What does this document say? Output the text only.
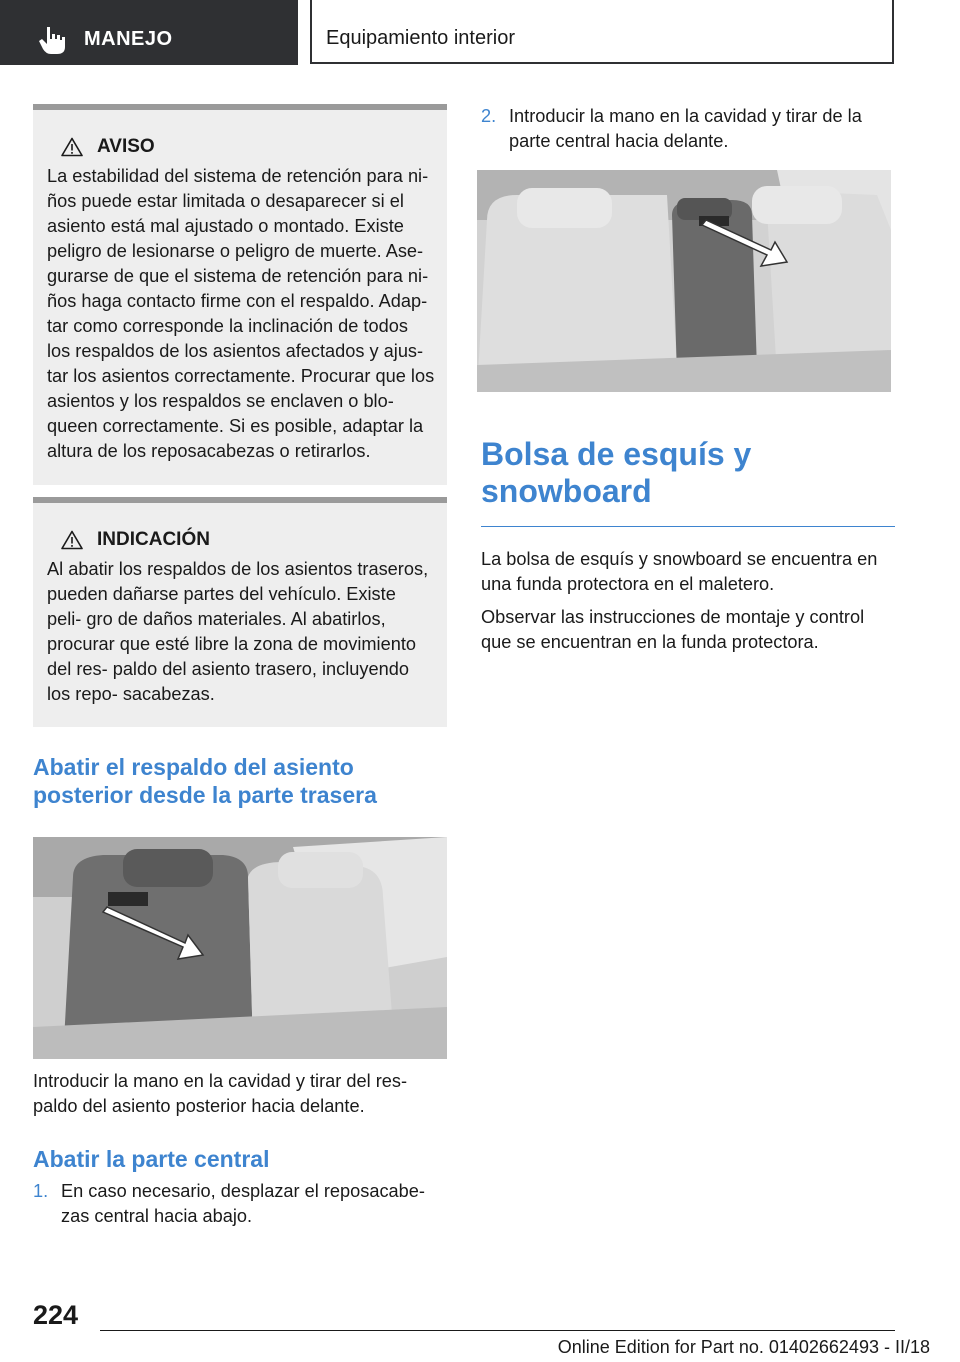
MANEJO	Equipamiento interior
AVISO
La estabilidad del sistema de retención para ni‐ ños puede estar limitada o desaparecer si el asiento está mal ajustado o montado. Existe peligro de lesionarse o peligro de muerte. Ase‐ gurarse de que el sistema de retención para ni‐ ños haga contacto firme con el respaldo. Adap‐ tar como corresponde la inclinación de todos los respaldos de los asientos afectados y ajus‐ tar los asientos correctamente. Procurar que los asientos y los respaldos se enclaven o blo‐ queen correctamente. Si es posible, adaptar la altura de los reposacabezas o retirarlos.
INDICACIÓN
Al abatir los respaldos de los asientos traseros, pueden dañarse partes del vehículo. Existe peli‐ gro de daños materiales. Al abatirlos, procurar que esté libre la zona de movimiento del res‐ paldo del asiento trasero, incluyendo los repo‐ sacabezas.
Abatir el respaldo del asiento posterior desde la parte trasera

Introducir la mano en la cavidad y tirar del res‐ paldo del asiento posterior hacia delante.

Abatir la parte central
1. En caso necesario, desplazar el reposacabe‐ zas central hacia abajo.
2. Introducir la mano en la cavidad y tirar de la parte central hacia delante.
Bolsa de esquís y snowboard

La bolsa de esquís y snowboard se encuentra en una funda protectora en el maletero.

Observar las instrucciones de montaje y control que se encuentran en la funda protectora.

224
Online Edition for Part no. 01402662493 - II/18
